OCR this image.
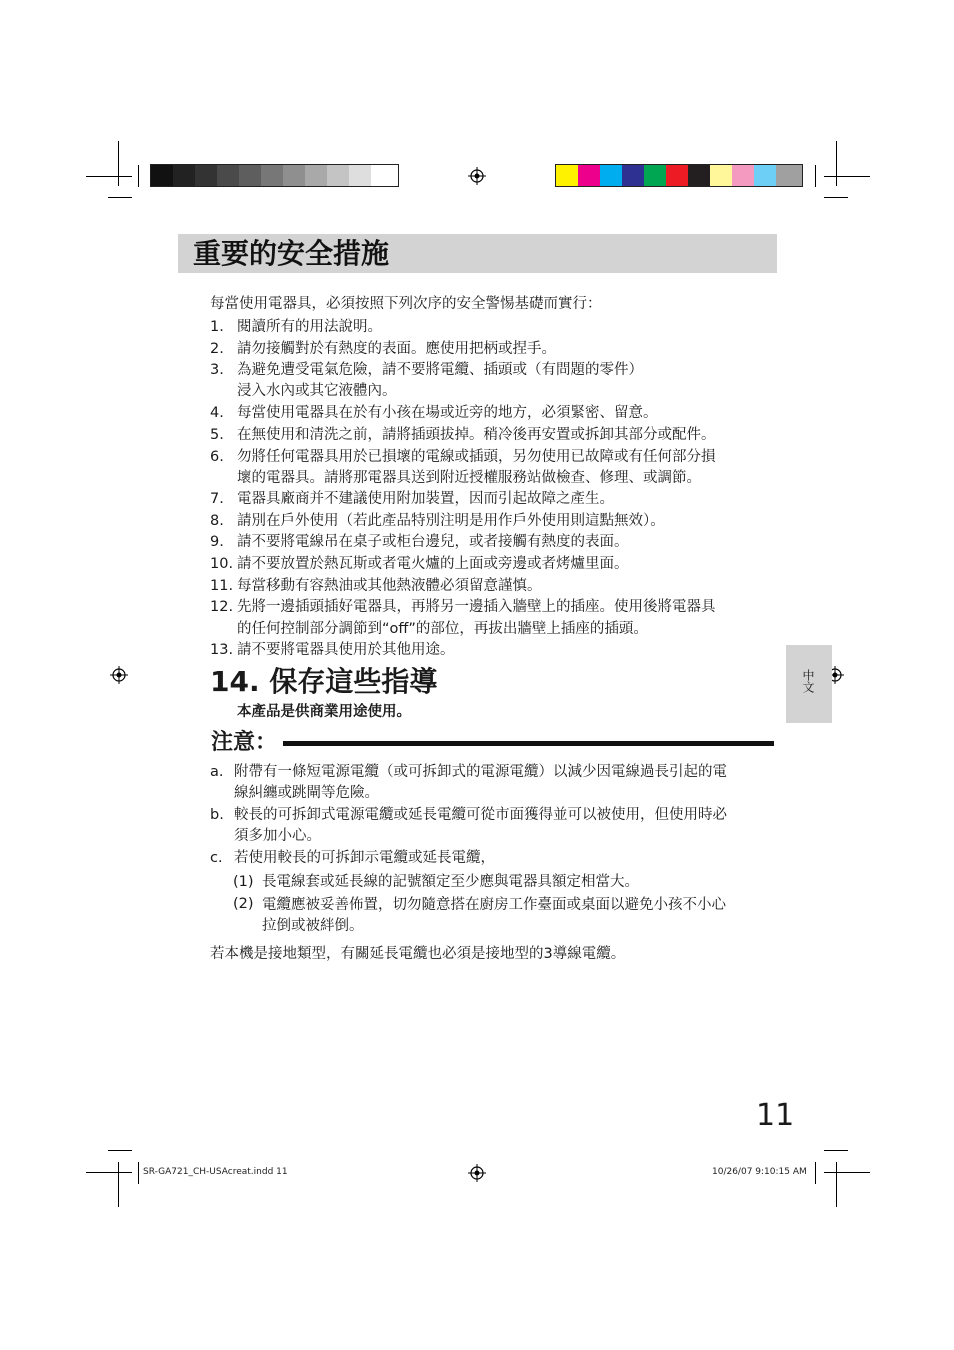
重要的安全措施
每當使用電器具，必須按照下列次序的安全警惕基礎而實行：
1. 閱讀所有的用法說明。
2. 請勿接觸對於有熱度的表面。應使用把柄或捏手。
3. 為避免遭受電氣危險，請不要將電纜、插頭或（有問題的零件）
浸入水內或其它液體內。
4. 每當使用電器具在於有小孩在場或近旁的地方，必須緊密、留意。
5. 在無使用和清洗之前，請將插頭拔掉。稍冷後再安置或拆卸其部分或配件。
6. 勿將任何電器具用於已損壞的電線或插頭，另勿使用已故障或有任何部分損
壞的電器具。請將那電器具送到附近授權服務站做檢查、修理、或調節。
7. 電器具廠商并不建議使用附加裝置，因而引起故障之產生。
8. 請別在戶外使用（若此產品特別注明是用作戶外使用則這點無效）。
9. 請不要將電線吊在桌子或柜台邊兒，或者接觸有熱度的表面。
10. 請不要放置於熱瓦斯或者電火爐的上面或旁邊或者烤爐里面。
11. 每當移動有容熱油或其他熱液體必須留意謹慎。
12. 先將一邊插頭插好電器具，再將另一邊插入牆壁上的插座。使用後將電器具
的任何控制部分調節到“off”的部位，再拔出牆壁上插座的插頭。
13. 請不要將電器具使用於其他用途。
14. 保存這些指導
本產品是供商業用途使用。
中文
注意：
a. 附帶有一條短電源電纜（或可拆卸式的電源電纜）以減少因電線過長引起的電
線糾纏或跳閘等危險。
b. 較長的可拆卸式電源電纜或延長電纜可從市面獲得並可以被使用，但使用時必
須多加小心。
c. 若使用較長的可拆卸示電纜或延長電纜，
(1) 長電線套或延長線的記號額定至少應與電器具額定相當大。
(2) 電纜應被妥善佈置，切勿隨意搭在廚房工作臺面或桌面以避免小孩不小心
拉倒或被絆倒。
若本機是接地類型，有關延長電纜也必須是接地型的3導線電纜。
11
SR-GA721_CH-USAcreat.indd 11	10/26/07 9:10:15 AM
